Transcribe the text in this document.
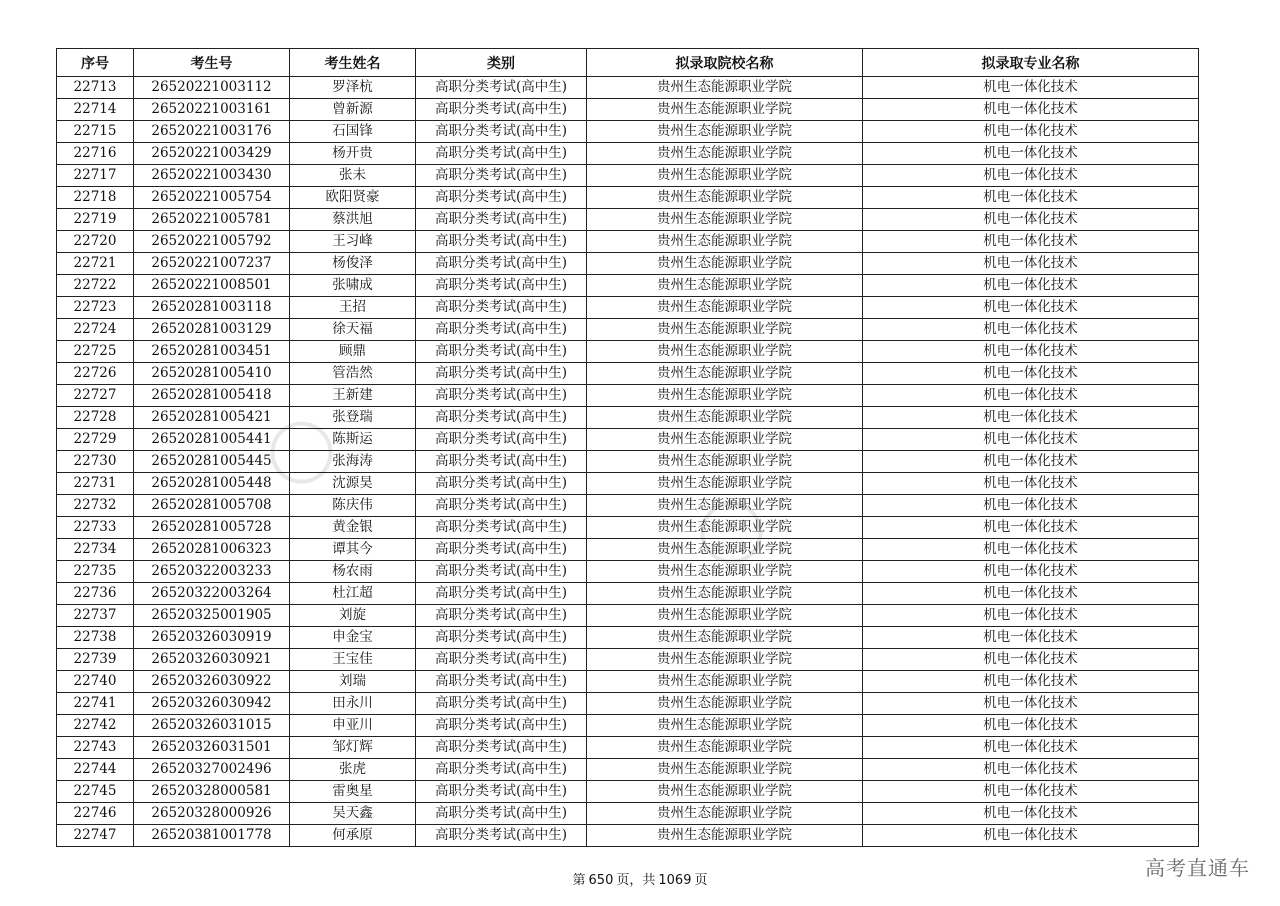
序号	考生号	考生姓名	类别	拟录取院校名称	拟录取专业名称
22713	26520221003112	罗泽杭	高职分类考试(高中生)	贵州生态能源职业学院	机电一体化技术
22714	26520221003161	曾新源	高职分类考试(高中生)	贵州生态能源职业学院	机电一体化技术
22715	26520221003176	石国锋	高职分类考试(高中生)	贵州生态能源职业学院	机电一体化技术
22716	26520221003429	杨开贵	高职分类考试(高中生)	贵州生态能源职业学院	机电一体化技术
22717	26520221003430	张未	高职分类考试(高中生)	贵州生态能源职业学院	机电一体化技术
22718	26520221005754	欧阳贤豪	高职分类考试(高中生)	贵州生态能源职业学院	机电一体化技术
22719	26520221005781	蔡洪旭	高职分类考试(高中生)	贵州生态能源职业学院	机电一体化技术
22720	26520221005792	王习峰	高职分类考试(高中生)	贵州生态能源职业学院	机电一体化技术
22721	26520221007237	杨俊泽	高职分类考试(高中生)	贵州生态能源职业学院	机电一体化技术
22722	26520221008501	张啸成	高职分类考试(高中生)	贵州生态能源职业学院	机电一体化技术
22723	26520281003118	王招	高职分类考试(高中生)	贵州生态能源职业学院	机电一体化技术
22724	26520281003129	徐天福	高职分类考试(高中生)	贵州生态能源职业学院	机电一体化技术
22725	26520281003451	顾鼎	高职分类考试(高中生)	贵州生态能源职业学院	机电一体化技术
22726	26520281005410	管浩然	高职分类考试(高中生)	贵州生态能源职业学院	机电一体化技术
22727	26520281005418	王新建	高职分类考试(高中生)	贵州生态能源职业学院	机电一体化技术
22728	26520281005421	张登瑞	高职分类考试(高中生)	贵州生态能源职业学院	机电一体化技术
22729	26520281005441	陈斯运	高职分类考试(高中生)	贵州生态能源职业学院	机电一体化技术
22730	26520281005445	张海涛	高职分类考试(高中生)	贵州生态能源职业学院	机电一体化技术
22731	26520281005448	沈源昊	高职分类考试(高中生)	贵州生态能源职业学院	机电一体化技术
22732	26520281005708	陈庆伟	高职分类考试(高中生)	贵州生态能源职业学院	机电一体化技术
22733	26520281005728	黄金银	高职分类考试(高中生)	贵州生态能源职业学院	机电一体化技术
22734	26520281006323	谭其今	高职分类考试(高中生)	贵州生态能源职业学院	机电一体化技术
22735	26520322003233	杨农雨	高职分类考试(高中生)	贵州生态能源职业学院	机电一体化技术
22736	26520322003264	杜江超	高职分类考试(高中生)	贵州生态能源职业学院	机电一体化技术
22737	26520325001905	刘旋	高职分类考试(高中生)	贵州生态能源职业学院	机电一体化技术
22738	26520326030919	申金宝	高职分类考试(高中生)	贵州生态能源职业学院	机电一体化技术
22739	26520326030921	王宝佳	高职分类考试(高中生)	贵州生态能源职业学院	机电一体化技术
22740	26520326030922	刘瑞	高职分类考试(高中生)	贵州生态能源职业学院	机电一体化技术
22741	26520326030942	田永川	高职分类考试(高中生)	贵州生态能源职业学院	机电一体化技术
22742	26520326031015	申亚川	高职分类考试(高中生)	贵州生态能源职业学院	机电一体化技术
22743	26520326031501	邹灯辉	高职分类考试(高中生)	贵州生态能源职业学院	机电一体化技术
22744	26520327002496	张虎	高职分类考试(高中生)	贵州生态能源职业学院	机电一体化技术
22745	26520328000581	雷奥星	高职分类考试(高中生)	贵州生态能源职业学院	机电一体化技术
22746	26520328000926	吴天鑫	高职分类考试(高中生)	贵州生态能源职业学院	机电一体化技术
22747	26520381001778	何承原	高职分类考试(高中生)	贵州生态能源职业学院	机电一体化技术
第 650 页，共 1069 页
高考直通车
